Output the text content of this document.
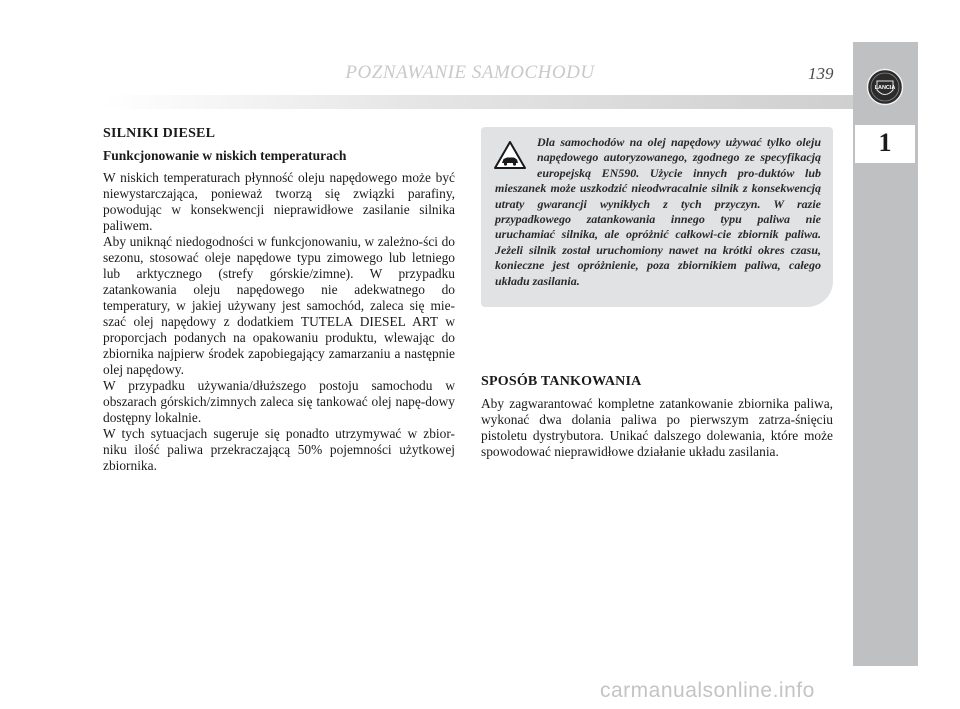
LANCIA
1
POZNAWANIE SAMOCHODU	139
SILNIKI DIESEL
Funkcjonowanie w niskich temperaturach

W niskich temperaturach płynność oleju napędowego może być niewystarczająca, ponieważ tworzą się związki parafiny, powodując w konsekwencji nieprawidłowe zasilanie silnika paliwem.

Aby uniknąć niedogodności w funkcjonowaniu, w zależno-ści do sezonu, stosować oleje napędowe typu zimowego lub letniego lub arktycznego (strefy górskie/zimne). W przypadku zatankowania oleju napędowego nie adekwatnego do temperatury, w jakiej używany jest samochód, zaleca się mie-szać olej napędowy z dodatkiem TUTELA DIESEL ART w proporcjach podanych na opakowaniu produktu, wlewając do zbiornika najpierw środek zapobiegający zamarzaniu a następnie olej napędowy.

W przypadku używania/dłuższego postoju samochodu w obszarach górskich/zimnych zaleca się tankować olej napę-dowy dostępny lokalnie.

W tych sytuacjach sugeruje się ponadto utrzymywać w zbior-niku ilość paliwa przekraczającą 50% pojemności użytkowej zbiornika.

Dla samochodów na olej napędowy używać tylko oleju napędowego autoryzowanego, zgodnego ze specyfikacją europejską EN590. Użycie innych pro-duktów lub mieszanek może uszkodzić nieodwracalnie silnik z konsekwencją utraty gwarancji wynikłych z tych przyczyn. W razie przypadkowego zatankowania innego typu paliwa nie uruchamiać silnika, ale opróżnić całkowi-cie zbiornik paliwa. Jeżeli silnik został uruchomiony nawet na krótki okres czasu, konieczne jest opróżnienie, poza zbiornikiem paliwa, całego układu zasilania.
SPOSÓB TANKOWANIA

Aby zagwarantować kompletne zatankowanie zbiornika paliwa, wykonać dwa dolania paliwa po pierwszym zatrza-śnięciu pistoletu dystrybutora. Unikać dalszego dolewania, które może spowodować nieprawidłowe działanie układu zasilania.

carmanualsonline.info
